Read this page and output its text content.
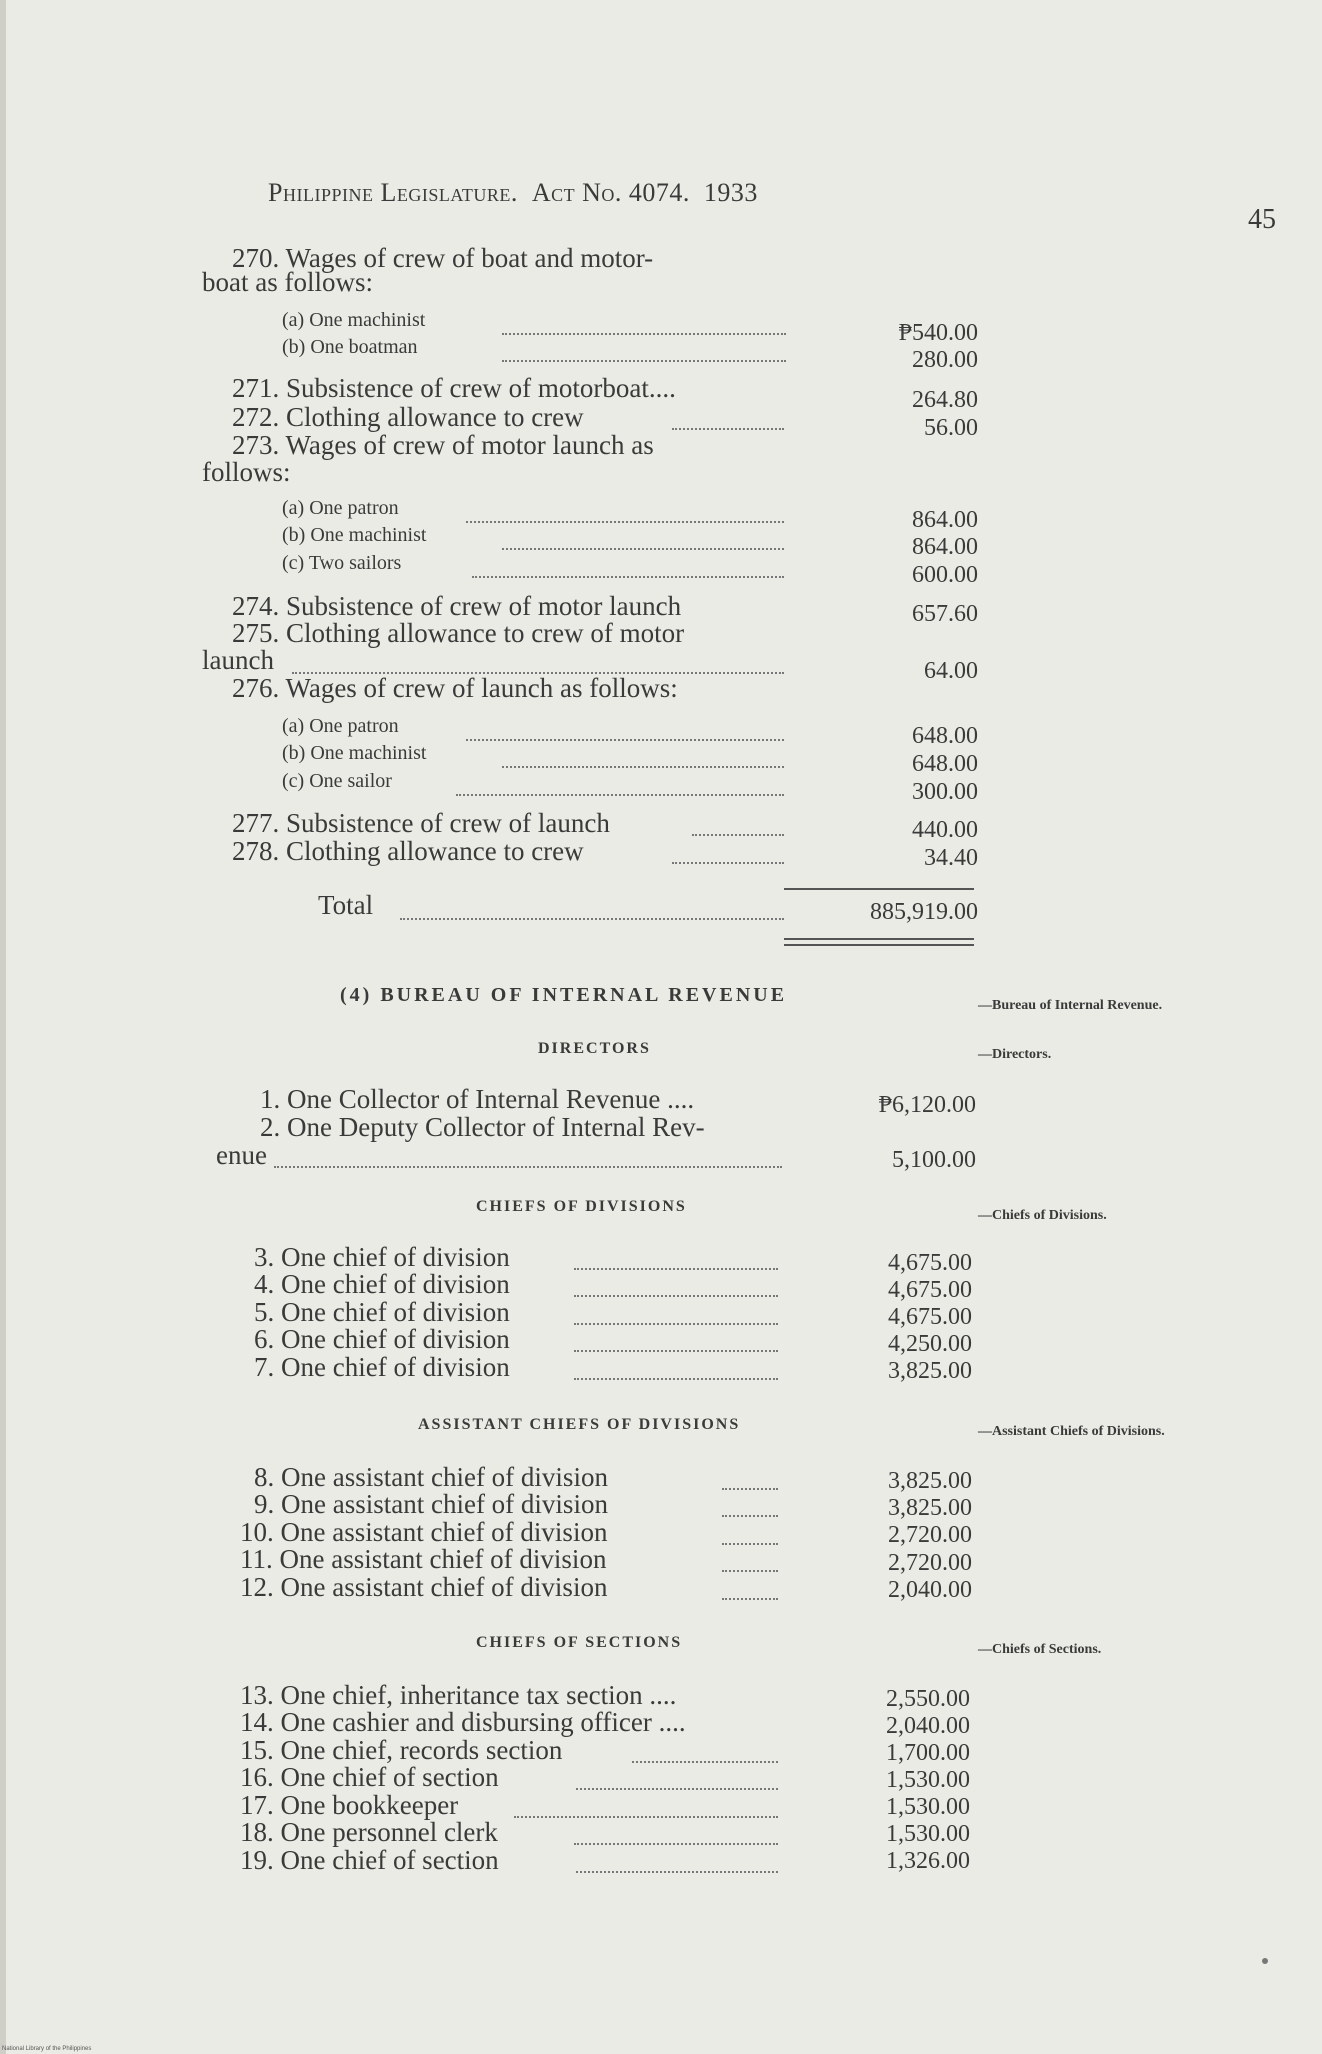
Philippine Legislature. Act No. 4074. 1933
45
270. Wages of crew of boat and motor-
boat as follows:
(a) One machinist	₱540.00
(b) One boatman	280.00
271. Subsistence of crew of motorboat....	264.80
272. Clothing allowance to crew	56.00
273. Wages of crew of motor launch as
follows:
(a) One patron	864.00
(b) One machinist	864.00
(c) Two sailors	600.00
274. Subsistence of crew of motor launch	657.60
275. Clothing allowance to crew of motor
launch	64.00
276. Wages of crew of launch as follows:
(a) One patron	648.00
(b) One machinist	648.00
(c) One sailor	300.00
277. Subsistence of crew of launch	440.00
278. Clothing allowance to crew	34.40
Total	885,919.00
(4) BUREAU OF INTERNAL REVENUE	—Bureau of Internal Revenue.
DIRECTORS	—Directors.
1. One Collector of Internal Revenue ....	₱6,120.00
2. One Deputy Collector of Internal Rev-
enue	5,100.00
CHIEFS OF DIVISIONS
—Chiefs of Divisions.
3. One chief of division	4,675.00
4. One chief of division	4,675.00
5. One chief of division	4,675.00
6. One chief of division	4,250.00
7. One chief of division	3,825.00
ASSISTANT CHIEFS OF DIVISIONS	—Assistant Chiefs of Divisions.
8. One assistant chief of division	3,825.00
9. One assistant chief of division	3,825.00
10. One assistant chief of division	2,720.00
11. One assistant chief of division	2,720.00
12. One assistant chief of division	2,040.00
CHIEFS OF SECTIONS	—Chiefs of Sections.
13. One chief, inheritance tax section ....	2,550.00
14. One cashier and disbursing officer ....	2,040.00
15. One chief, records section	1,700.00
16. One chief of section	1,530.00
17. One bookkeeper	1,530.00
18. One personnel clerk	1,530.00
19. One chief of section	1,326.00
National Library of the Philippines
